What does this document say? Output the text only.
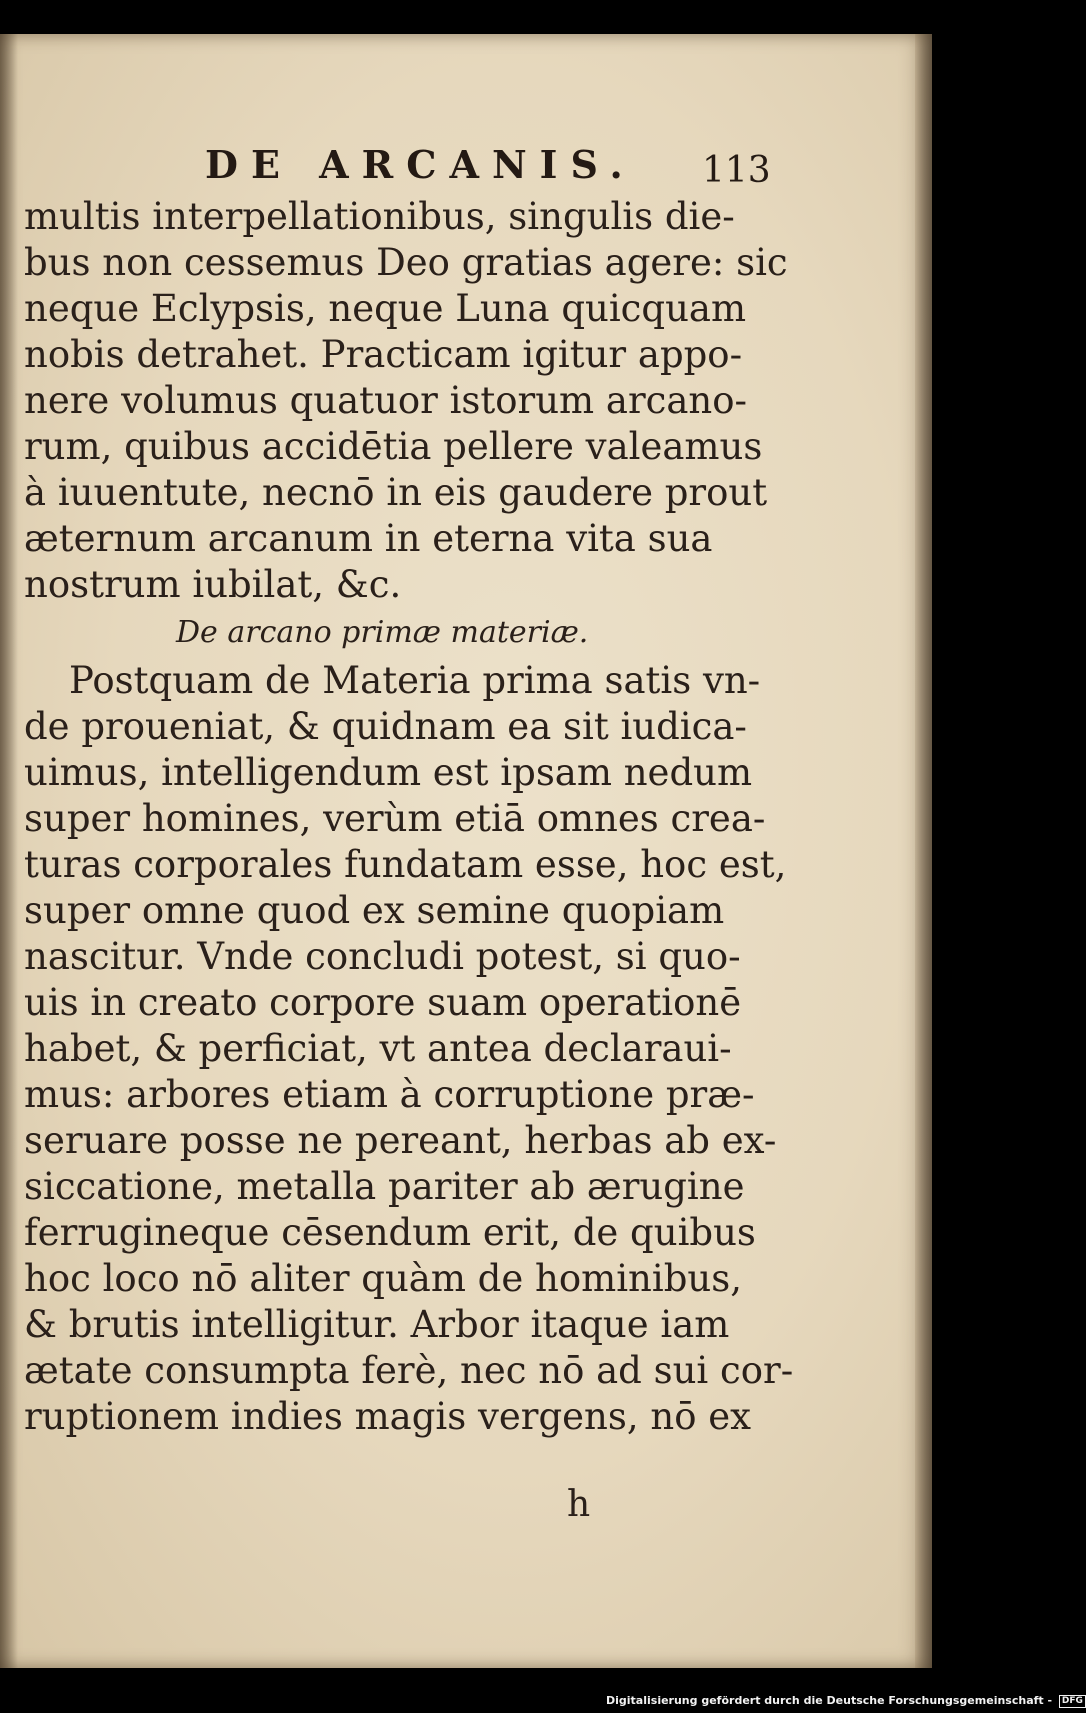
DE ARCANIS. 113
multis interpellationibus, singulis die-
bus non cessemus Deo gratias agere: sic
neque Eclypsis, neque Luna quicquam
nobis detrahet. Practicam igitur appo-
nere volumus quatuor istorum arcano-
rum, quibus accidētia pellere valeamus
à iuuentute, necnō in eis gaudere prout
æternum arcanum in eterna vita sua
nostrum iubilat, &c.
De arcano primæ materiæ.
Postquam de Materia prima satis vn-
de proueniat, & quidnam ea sit iudica-
uimus, intelligendum est ipsam nedum
super homines, verùm etiā omnes crea-
turas corporales fundatam esse, hoc est,
super omne quod ex semine quopiam
nascitur. Vnde concludi potest, si quo-
uis in creato corpore suam operationē
habet, & perficiat, vt antea declaraui-
mus: arbores etiam à corruptione præ-
seruare posse ne pereant, herbas ab ex-
siccatione, metalla pariter ab ærugine
ferrugineque cēsendum erit, de quibus
hoc loco nō aliter quàm de hominibus,
& brutis intelligitur. Arbor itaque iam
ætate consumpta ferè, nec nō ad sui cor-
ruptionem indies magis vergens, nō ex
h
Digitalisierung gefördert durch die Deutsche Forschungsgemeinschaft - DFG
